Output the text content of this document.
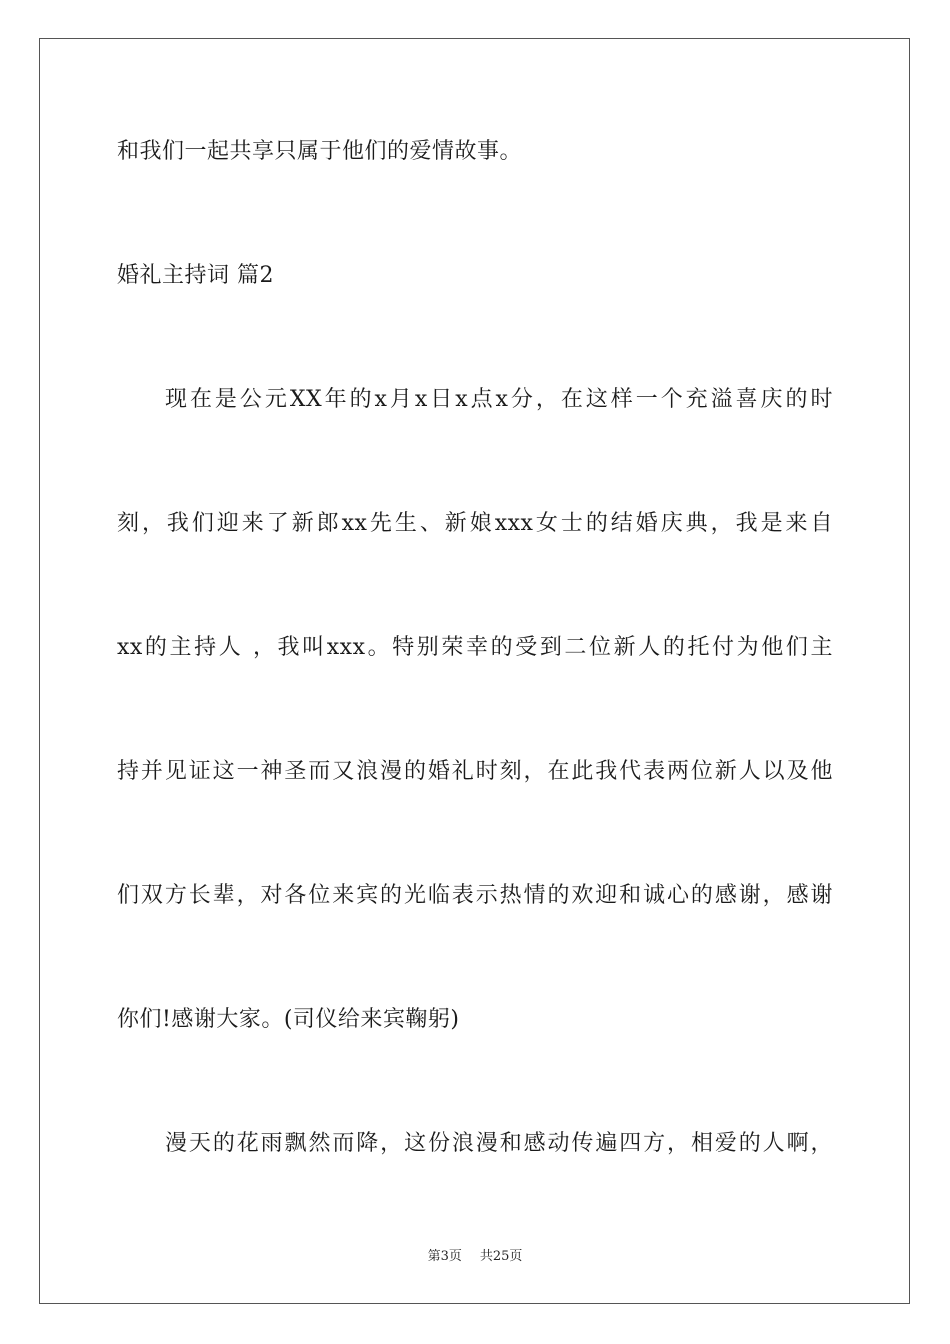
和我们一起共享只属于他们的爱情故事。
婚礼主持词 篇2
现在是公元XX年的x月x日x点x分，在这样一个充溢喜庆的时
刻，我们迎来了新郎xx先生、新娘xxx女士的结婚庆典，我是来自
xx的主持人 ，我叫xxx。特别荣幸的受到二位新人的托付为他们主
持并见证这一神圣而又浪漫的婚礼时刻，在此我代表两位新人以及他
们双方长辈，对各位来宾的光临表示热情的欢迎和诚心的感谢，感谢
你们!感谢大家。(司仪给来宾鞠躬)
漫天的花雨飘然而降，这份浪漫和感动传遍四方，相爱的人啊，
第3页 共25页
